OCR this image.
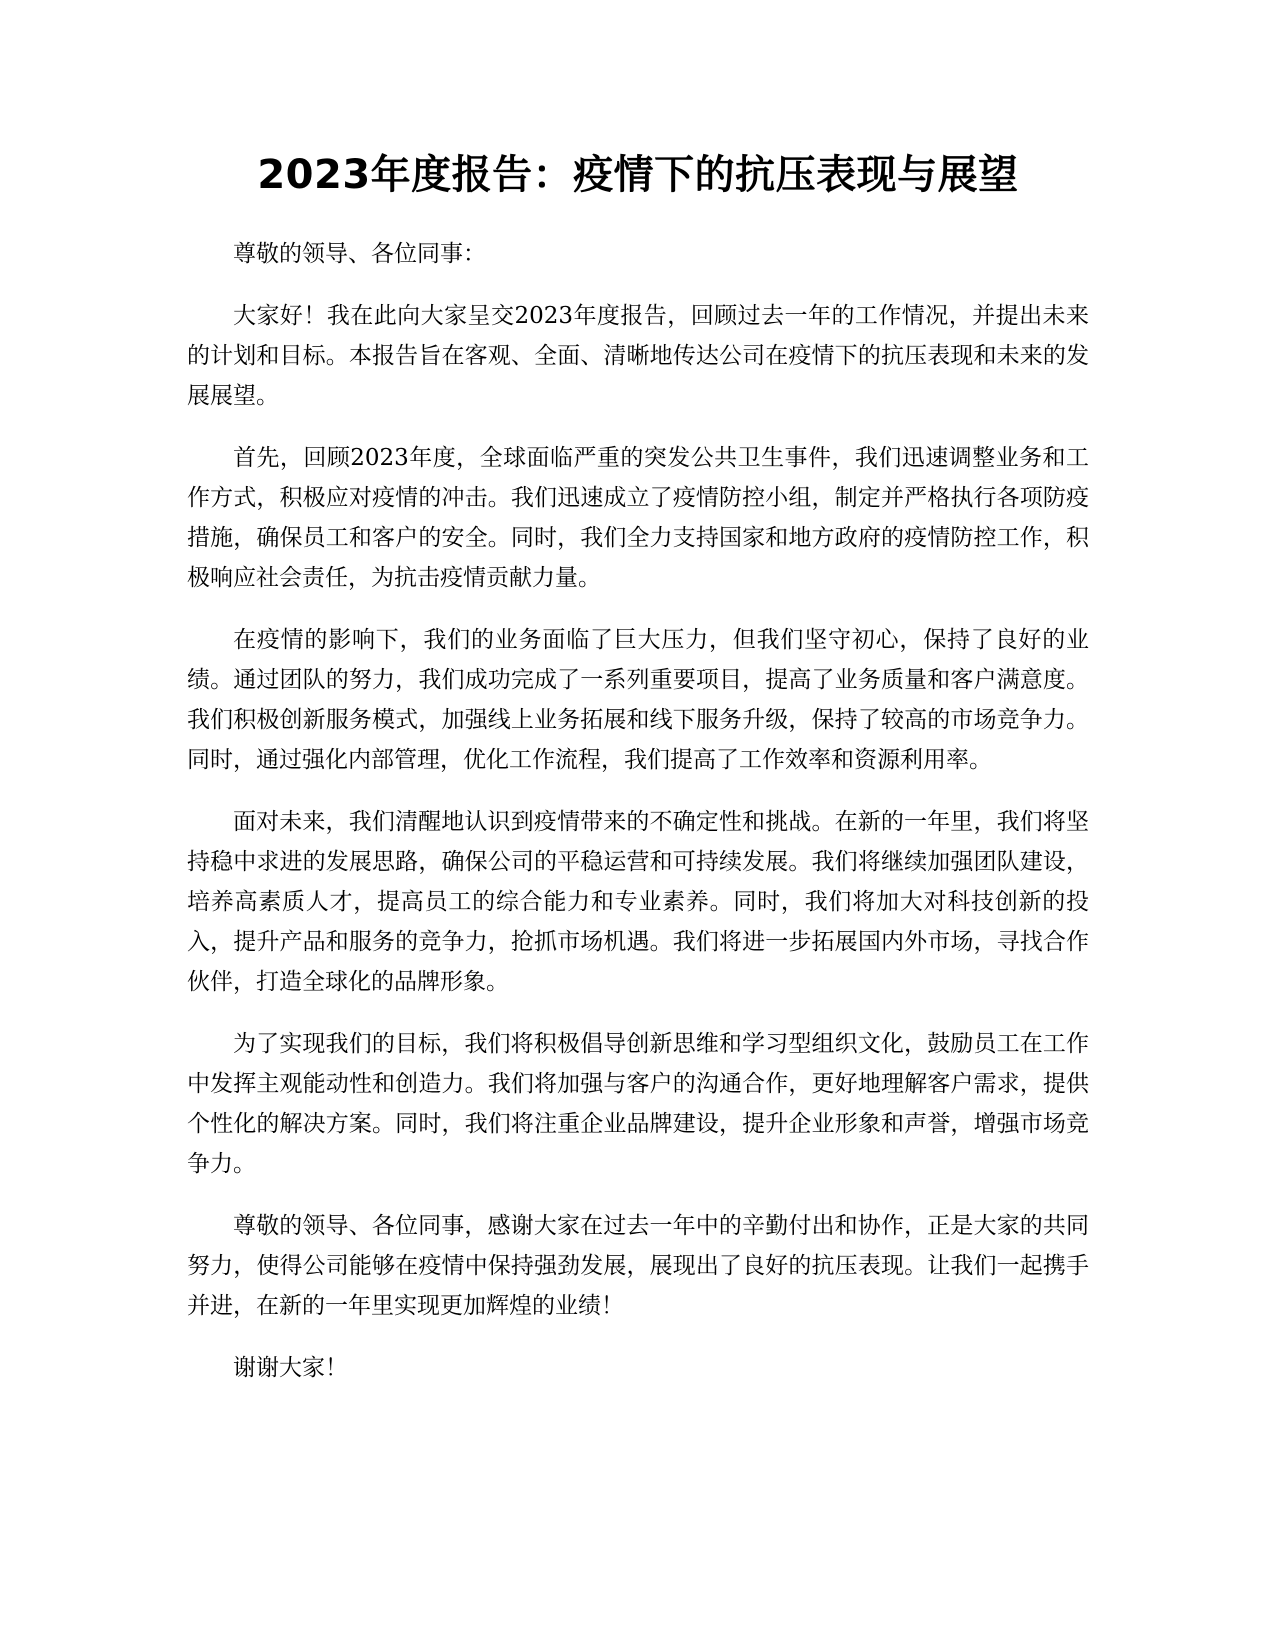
2023年度报告：疫情下的抗压表现与展望

尊敬的领导、各位同事：

大家好！我在此向大家呈交2023年度报告，回顾过去一年的工作情况，并提出未来的计划和目标。本报告旨在客观、全面、清晰地传达公司在疫情下的抗压表现和未来的发展展望。

首先，回顾2023年度，全球面临严重的突发公共卫生事件，我们迅速调整业务和工作方式，积极应对疫情的冲击。我们迅速成立了疫情防控小组，制定并严格执行各项防疫措施，确保员工和客户的安全。同时，我们全力支持国家和地方政府的疫情防控工作，积极响应社会责任，为抗击疫情贡献力量。

在疫情的影响下，我们的业务面临了巨大压力，但我们坚守初心，保持了良好的业绩。通过团队的努力，我们成功完成了一系列重要项目，提高了业务质量和客户满意度。我们积极创新服务模式，加强线上业务拓展和线下服务升级，保持了较高的市场竞争力。同时，通过强化内部管理，优化工作流程，我们提高了工作效率和资源利用率。

面对未来，我们清醒地认识到疫情带来的不确定性和挑战。在新的一年里，我们将坚持稳中求进的发展思路，确保公司的平稳运营和可持续发展。我们将继续加强团队建设，培养高素质人才，提高员工的综合能力和专业素养。同时，我们将加大对科技创新的投入，提升产品和服务的竞争力，抢抓市场机遇。我们将进一步拓展国内外市场，寻找合作伙伴，打造全球化的品牌形象。

为了实现我们的目标，我们将积极倡导创新思维和学习型组织文化，鼓励员工在工作中发挥主观能动性和创造力。我们将加强与客户的沟通合作，更好地理解客户需求，提供个性化的解决方案。同时，我们将注重企业品牌建设，提升企业形象和声誉，增强市场竞争力。

尊敬的领导、各位同事，感谢大家在过去一年中的辛勤付出和协作，正是大家的共同努力，使得公司能够在疫情中保持强劲发展，展现出了良好的抗压表现。让我们一起携手并进，在新的一年里实现更加辉煌的业绩！

谢谢大家！
